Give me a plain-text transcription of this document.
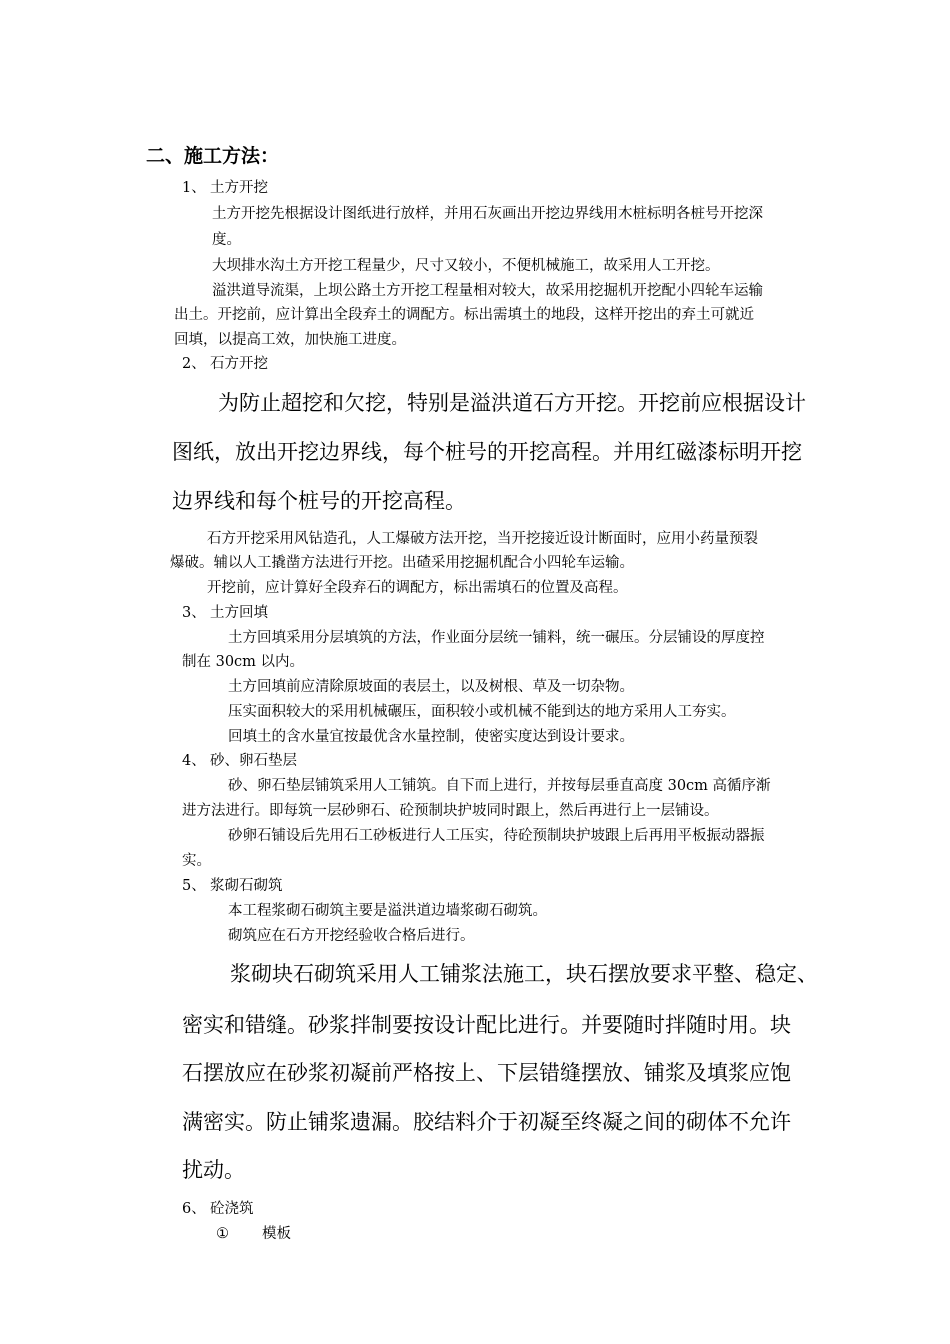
二、施工方法：
1、 土方开挖
土方开挖先根据设计图纸进行放样，并用石灰画出开挖边界线用木桩标明各桩号开挖深
度。
大坝排水沟土方开挖工程量少，尺寸又较小，不便机械施工，故采用人工开挖。
溢洪道导流渠，上坝公路土方开挖工程量相对较大，故采用挖掘机开挖配小四轮车运输
出土。开挖前，应计算出全段弃土的调配方。标出需填土的地段，这样开挖出的弃土可就近
回填，以提高工效，加快施工进度。
2、 石方开挖
为防止超挖和欠挖，特别是溢洪道石方开挖。开挖前应根据设计
图纸，放出开挖边界线，每个桩号的开挖高程。并用红磁漆标明开挖
边界线和每个桩号的开挖高程。
石方开挖采用风钻造孔，人工爆破方法开挖，当开挖接近设计断面时，应用小药量预裂
爆破。辅以人工撬凿方法进行开挖。出碴采用挖掘机配合小四轮车运输。
开挖前，应计算好全段弃石的调配方，标出需填石的位置及高程。
3、 土方回填
土方回填采用分层填筑的方法，作业面分层统一铺料，统一碾压。分层铺设的厚度控
制在 30cm 以内。
土方回填前应清除原坡面的表层土，以及树根、草及一切杂物。
压实面积较大的采用机械碾压，面积较小或机械不能到达的地方采用人工夯实。
回填土的含水量宜按最优含水量控制，使密实度达到设计要求。
4、 砂、卵石垫层
砂、卵石垫层铺筑采用人工铺筑。自下而上进行，并按每层垂直高度 30cm 高循序渐
进方法进行。即每筑一层砂卵石、砼预制块护坡同时跟上，然后再进行上一层铺设。
砂卵石铺设后先用石工砂板进行人工压实，待砼预制块护坡跟上后再用平板振动器振
实。
5、 浆砌石砌筑
本工程浆砌石砌筑主要是溢洪道边墙浆砌石砌筑。
砌筑应在石方开挖经验收合格后进行。
浆砌块石砌筑采用人工铺浆法施工，块石摆放要求平整、稳定、
密实和错缝。砂浆拌制要按设计配比进行。并要随时拌随时用。块
石摆放应在砂浆初凝前严格按上、下层错缝摆放、铺浆及填浆应饱
满密实。防止铺浆遗漏。胶结料介于初凝至终凝之间的砌体不允许
扰动。
6、 砼浇筑
① 模板
